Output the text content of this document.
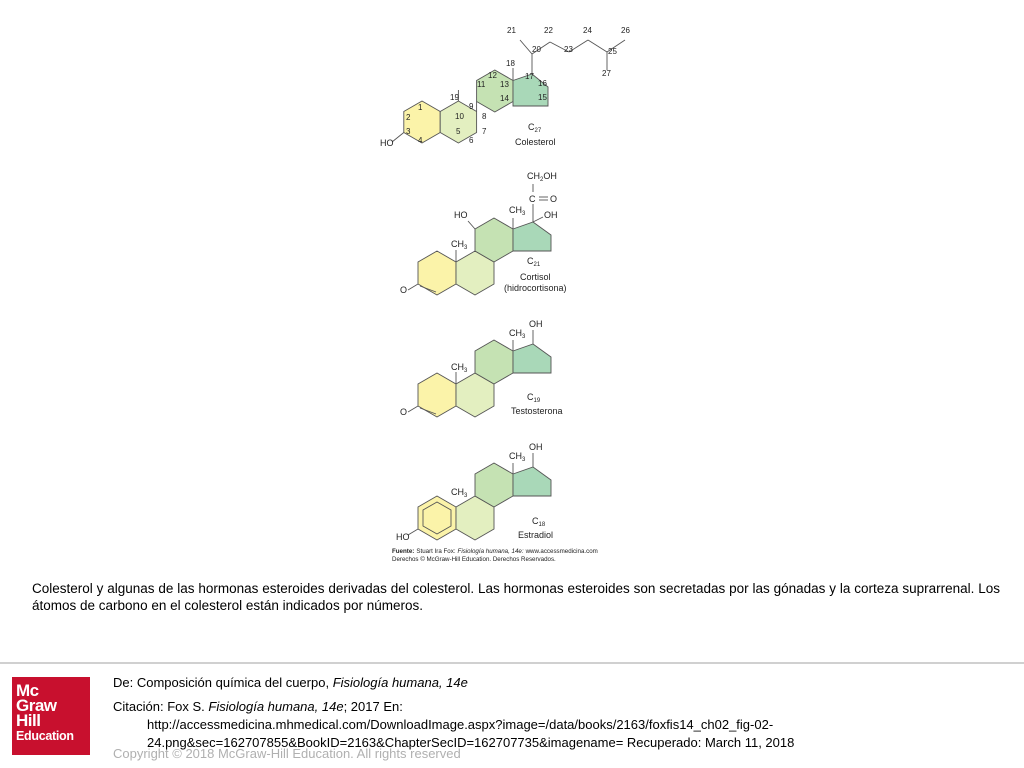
1
2
3
4
5
6
7
8
9
10
11
12
13
14	15
16
17
18
19
20
21	22
23
24
25
26
27
HO
$C_{27}$
Colesterol
$CH_2OH$
C O
OH
HO	$CH_3$
$CH_3$
O
$C_{21}$
Cortisol
(hidrocortisona)
OH
$CH_3$
$CH_3$
O
$C_{19}$
Testosterona
OH
$CH_3$
$CH_3$
HO
$C_{18}$
Estradiol
Fuente: Stuart Ira Fox: Fisiología humana, 14e: www.accessmedicina.com
Derechos © McGraw-Hill Education. Derechos Reservados.
Colesterol y algunas de las hormonas esteroides derivadas del colesterol. Las hormonas esteroides son secretadas por las gónadas y la corteza suprarrenal. Los átomos de carbono en el colesterol están indicados por números.
Mc
Graw
Hill
Education
De: Composición química del cuerpo, Fisiología humana, 14e
Citación: Fox S. Fisiología humana, 14e; 2017 En:
http://accessmedicina.mhmedical.com/DownloadImage.aspx?image=/data/books/2163/foxfis14_ch02_fig-02-
24.png&sec=162707855&BookID=2163&ChapterSecID=162707735&imagename= Recuperado: March 11, 2018
Copyright © 2018 McGraw-Hill Education. All rights reserved
